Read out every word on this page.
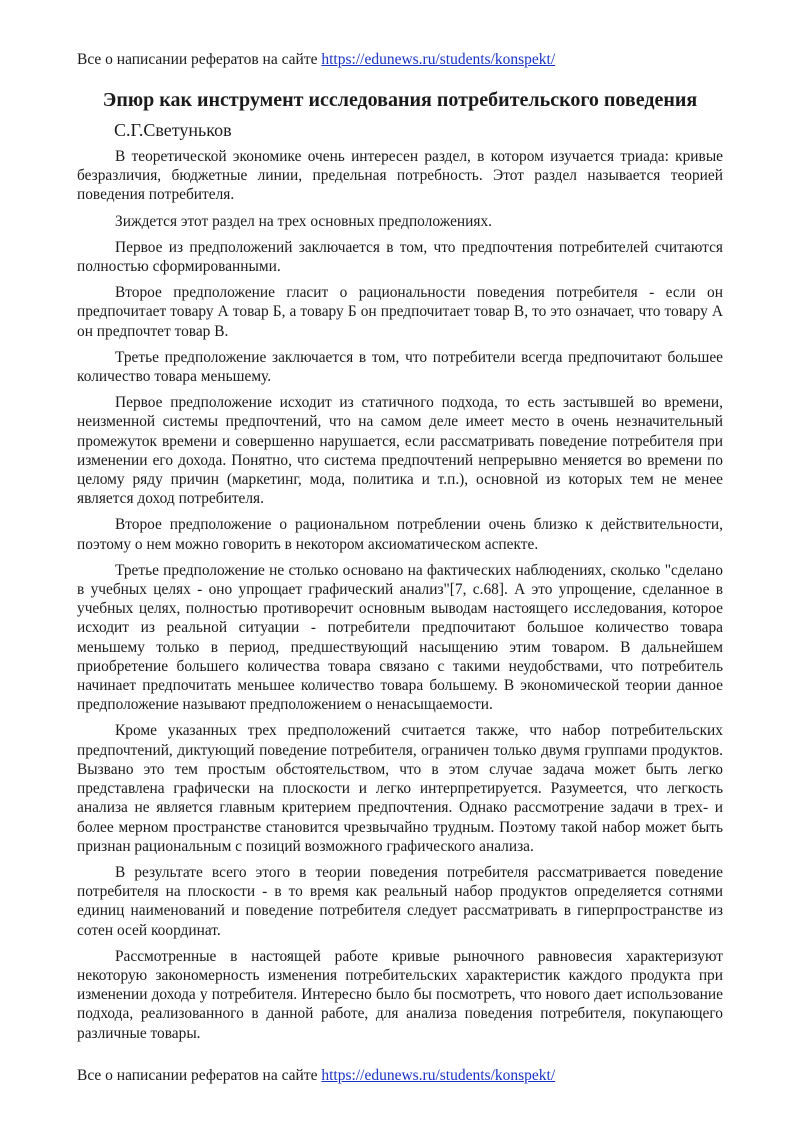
Все о написании рефератов на сайте https://edunews.ru/students/konspekt/
Эпюр как инструмент исследования потребительского поведения
С.Г.Светуньков

В теоретической экономике очень интересен раздел, в котором изучается триада: кривые безразличия, бюджетные линии, предельная потребность. Этот раздел называется теорией поведения потребителя.

Зиждется этот раздел на трех основных предположениях.

Первое из предположений заключается в том, что предпочтения потребителей считаются полностью сформированными.

Второе предположение гласит о рациональности поведения потребителя - если он предпочитает товару А товар Б, а товару Б он предпочитает товар В, то это означает, что товару А он предпочтет товар В.

Третье предположение заключается в том, что потребители всегда предпочитают большее количество товара меньшему.

Первое предположение исходит из статичного подхода, то есть застывшей во времени, неизменной системы предпочтений, что на самом деле имеет место в очень незначительный промежуток времени и совершенно нарушается, если рассматривать поведение потребителя при изменении его дохода. Понятно, что система предпочтений непрерывно меняется во времени по целому ряду причин (маркетинг, мода, политика и т.п.), основной из которых тем не менее является доход потребителя.

Второе предположение о рациональном потреблении очень близко к действительности, поэтому о нем можно говорить в некотором аксиоматическом аспекте.

Третье предположение не столько основано на фактических наблюдениях, сколько "сделано в учебных целях - оно упрощает графический анализ"[7, с.68]. А это упрощение, сделанное в учебных целях, полностью противоречит основным выводам настоящего исследования, которое исходит из реальной ситуации - потребители предпочитают большое количество товара меньшему только в период, предшествующий насыщению этим товаром. В дальнейшем приобретение большего количества товара связано с такими неудобствами, что потребитель начинает предпочитать меньшее количество товара большему. В экономической теории данное предположение называют предположением о ненасыщаемости.

Кроме указанных трех предположений считается также, что набор потребительских предпочтений, диктующий поведение потребителя, ограничен только двумя группами продуктов. Вызвано это тем простым обстоятельством, что в этом случае задача может быть легко представлена графически на плоскости и легко интерпретируется. Разумеется, что легкость анализа не является главным критерием предпочтения. Однако рассмотрение задачи в трех- и более мерном пространстве становится чрезвычайно трудным. Поэтому такой набор может быть признан рациональным с позиций возможного графического анализа.

В результате всего этого в теории поведения потребителя рассматривается поведение потребителя на плоскости - в то время как реальный набор продуктов определяется сотнями единиц наименований и поведение потребителя следует рассматривать в гиперпространстве из сотен осей координат.

Рассмотренные в настоящей работе кривые рыночного равновесия характеризуют некоторую закономерность изменения потребительских характеристик каждого продукта при изменении дохода у потребителя. Интересно было бы посмотреть, что нового дает использование подхода, реализованного в данной работе, для анализа поведения потребителя, покупающего различные товары.

Все о написании рефератов на сайте https://edunews.ru/students/konspekt/
